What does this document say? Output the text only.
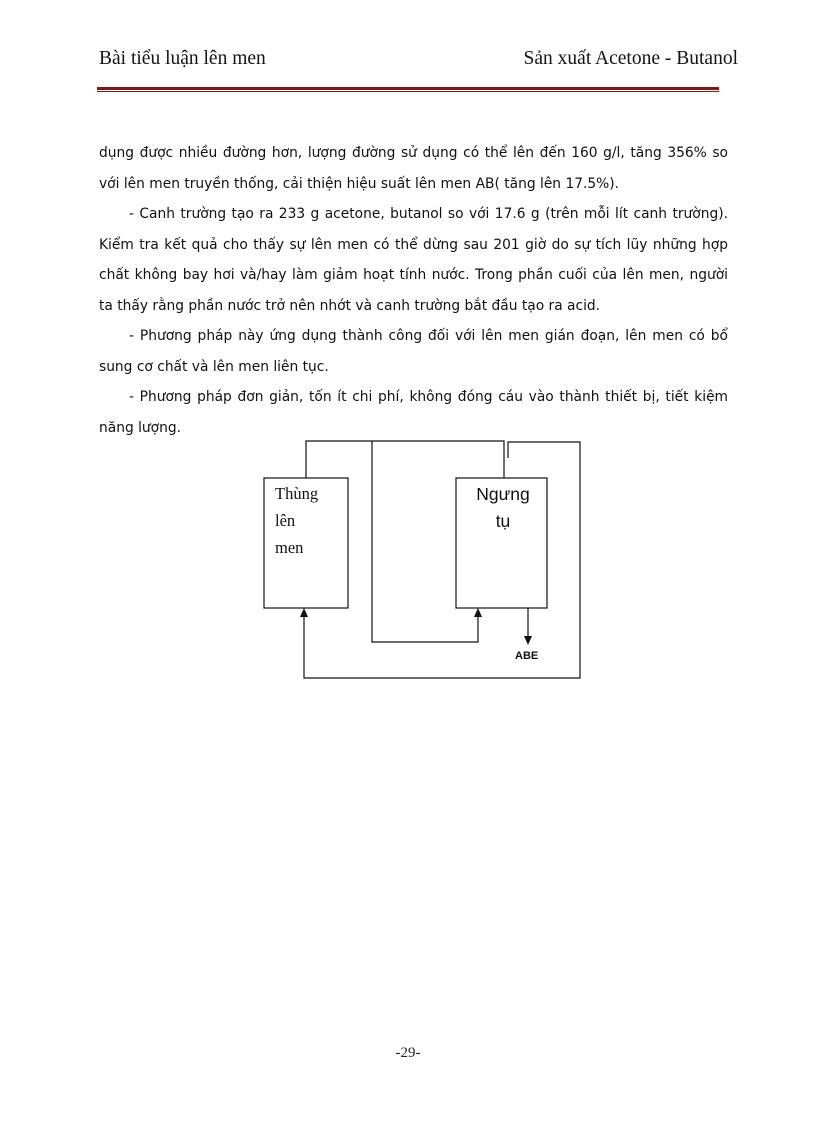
Bài tiểu luận lên men	Sản xuất Acetone - Butanol

dụng được nhiều đường hơn, lượng đường sử dụng có thể lên đến 160 g/l, tăng 356% so với lên men truyền thống, cải thiện hiệu suất lên men AB( tăng lên 17.5%).

- Canh trường tạo ra 233 g acetone, butanol so với 17.6 g (trên mỗi lít canh trường). Kiểm tra kết quả cho thấy sự lên men có thể dừng sau 201 giờ do sự tích lũy những hợp chất không bay hơi và/hay làm giảm hoạt tính nước. Trong phần cuối của lên men, người ta thấy rằng phần nước trở nên nhớt và canh trường bắt đầu tạo ra acid.

- Phương pháp này ứng dụng thành công đối với lên men gián đoạn, lên men có bổ sung cơ chất và lên men liên tục.

- Phương pháp đơn giản, tốn ít chi phí, không đóng cáu vào thành thiết bị, tiết kiệm năng lượng.

Thùng
lên
men
Ngưng
tụ
ABE
-29-
